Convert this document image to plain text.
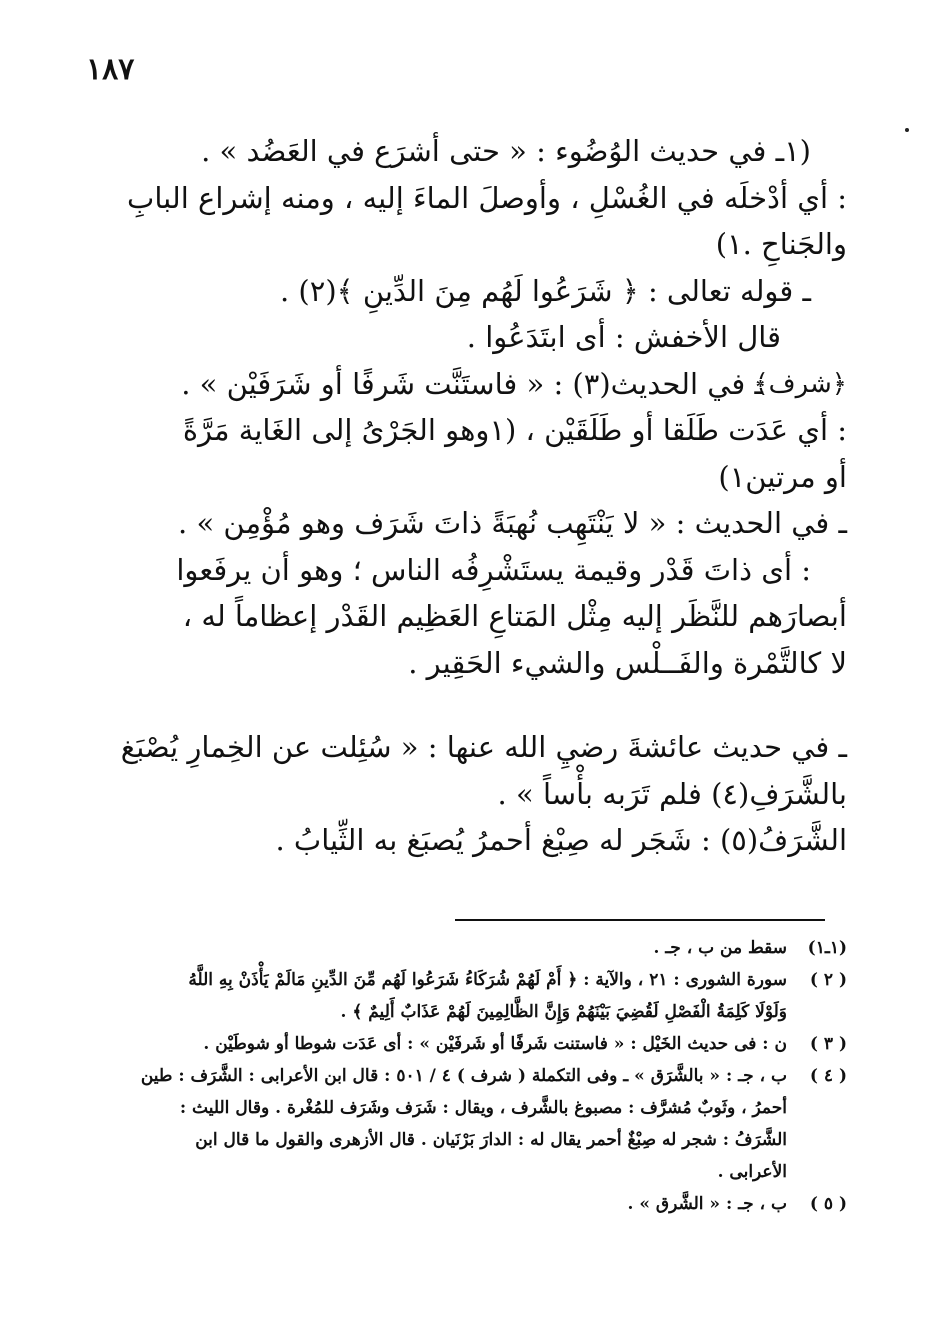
١٨٧
(١ـ في حديث الوُضُوء : « حتى أشرَع في العَضُد » .
: أي أدْخلَه في الغُسْلِ ، وأوصلَ الماءَ إليه ، ومنه إشراع البابِ
والجَناحِ .١)
ـ قوله تعالى : ﴿ شَرَعُوا لَهُم مِنَ الدِّينِ ﴾(٢) .
قال الأخفش : أى ابتَدَعُوا .
﴿شرف﴾
ـ في الحديث(٣) : « فاستَنَّت شَرفًا أو شَرَفَيْن » .
: أي عَدَت طَلَقا أو طَلَقَيْن ، (١وهو الجَرْىُ إلى الغَاية مَرَّةً
أو مرتين١)
ـ في الحديث : « لا يَنْتَهِب نُهبَةً ذاتَ شَرَف وهو مُؤْمِن » .
: أى ذاتَ قَدْر وقيمة يستَشْرِفُه الناس ؛ وهو أن يرفَعوا
أبصارَهم للنَّظَر إليه مِثْل المَتاعِ العَظِيم القَدْر إعظاماً له ،
لا كالتَّمْرة والفَــلْس والشيء الحَقِير .
ـ في حديث عائشةَ رضيِ الله عنها : « سُئِلت عن الخِمارِ يُصْبَغ
بالشَّرَفِ(٤) فلم تَرَبه بأْساً » .
الشَّرَفُ(٥) : شَجَر له صِبْغ أحمرُ يُصبَغ به الثِّيابُ .
(١ـ١)
سقط من ب ، جـ .
( ٢ )
سورة الشورى : ٢١ ، والآية : ﴿ أَمْ لَهُمْ شُرَكَاءُ شَرَعُوا لَهُم مِّنَ الدِّينِ مَالَمْ يَأْذَنْ بِهِ اللَّهُ
وَلَوْلَا كَلِمَةُ الْفَصْلِ لَقُضِيَ بَيْنَهُمْ وَإِنَّ الظَّالِمِينَ لَهُمْ عَذَابٌ أَلِيمٌ ﴾ .
( ٣ )
ن : فى حديث الخَيْل : « فاستنت شَرفًا أو شَرفَيْن » : أى عَدَت شوطا أو شوطَيْن .
( ٤ )
ب ، جـ : « بالشَّرَق » ـ وفى التكملة ( شرف ) ٤ / ٥٠١ : قال ابن الأعرابى : الشَّرَف : طين
أحمرُ ، وثَوبٌ مُشرَّف : مصبوغ بالشَّرف ، ويقال : شَرَف وشَرَف للمُغْرة . وقال الليث :
الشَّرَفُ : شجر له صِبْغٌ أحمر يقال له : الدارَ بَرْنَيان . قال الأزهرى والقول ما قال ابن
الأعرابى .
( ٥ )
ب ، جـ : « الشَّرق » .
